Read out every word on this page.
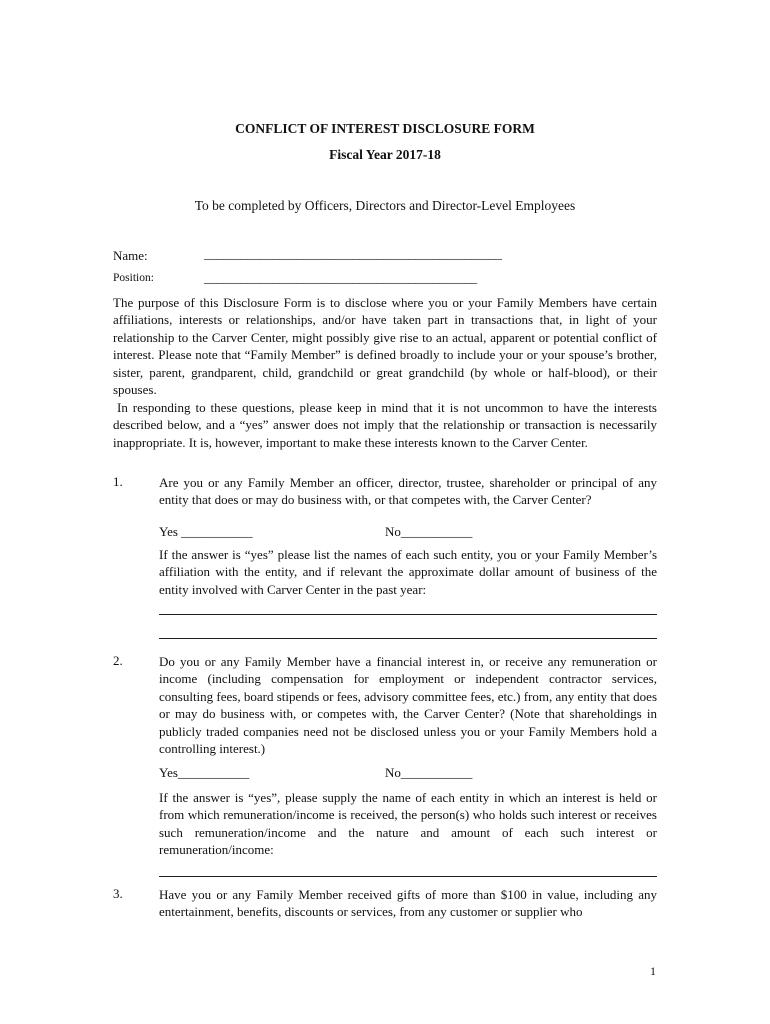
CONFLICT OF INTEREST DISCLOSURE FORM
Fiscal Year 2017-18
To be completed by Officers, Directors and Director-Level Employees
Name:	________________________________________________
Position:	____________________________________________

The purpose of this Disclosure Form is to disclose where you or your Family Members have certain affiliations, interests or relationships, and/or have taken part in transactions that, in light of your relationship to the Carver Center, might possibly give rise to an actual, apparent or potential conflict of interest. Please note that “Family Member” is defined broadly to include your or your spouse’s brother, sister, parent, grandparent, child, grandchild or great grandchild (by whole or half-blood), or their spouses.

In responding to these questions, please keep in mind that it is not uncommon to have the interests described below, and a “yes” answer does not imply that the relationship or transaction is necessarily inappropriate. It is, however, important to make these interests known to the Carver Center.

1.	Are you or any Family Member an officer, director, trustee, shareholder or principal of any entity that does or may do business with, or that competes with, the Carver Center?

Yes ___________	No___________

If the answer is “yes” please list the names of each such entity, you or your Family Member’s affiliation with the entity, and if relevant the approximate dollar amount of business of the entity involved with Carver Center in the past year:

2.	Do you or any Family Member have a financial interest in, or receive any remuneration or income (including compensation for employment or independent contractor services, consulting fees, board stipends or fees, advisory committee fees, etc.) from, any entity that does or may do business with, or competes with, the Carver Center? (Note that shareholdings in publicly traded companies need not be disclosed unless you or your Family Members hold a controlling interest.)

Yes___________	No___________

If the answer is “yes”, please supply the name of each entity in which an interest is held or from which remuneration/income is received, the person(s) who holds such interest or receives such remuneration/income and the nature and amount of each such interest or remuneration/income:

3.	Have you or any Family Member received gifts of more than $100 in value, including any entertainment, benefits, discounts or services, from any customer or supplier who

1
